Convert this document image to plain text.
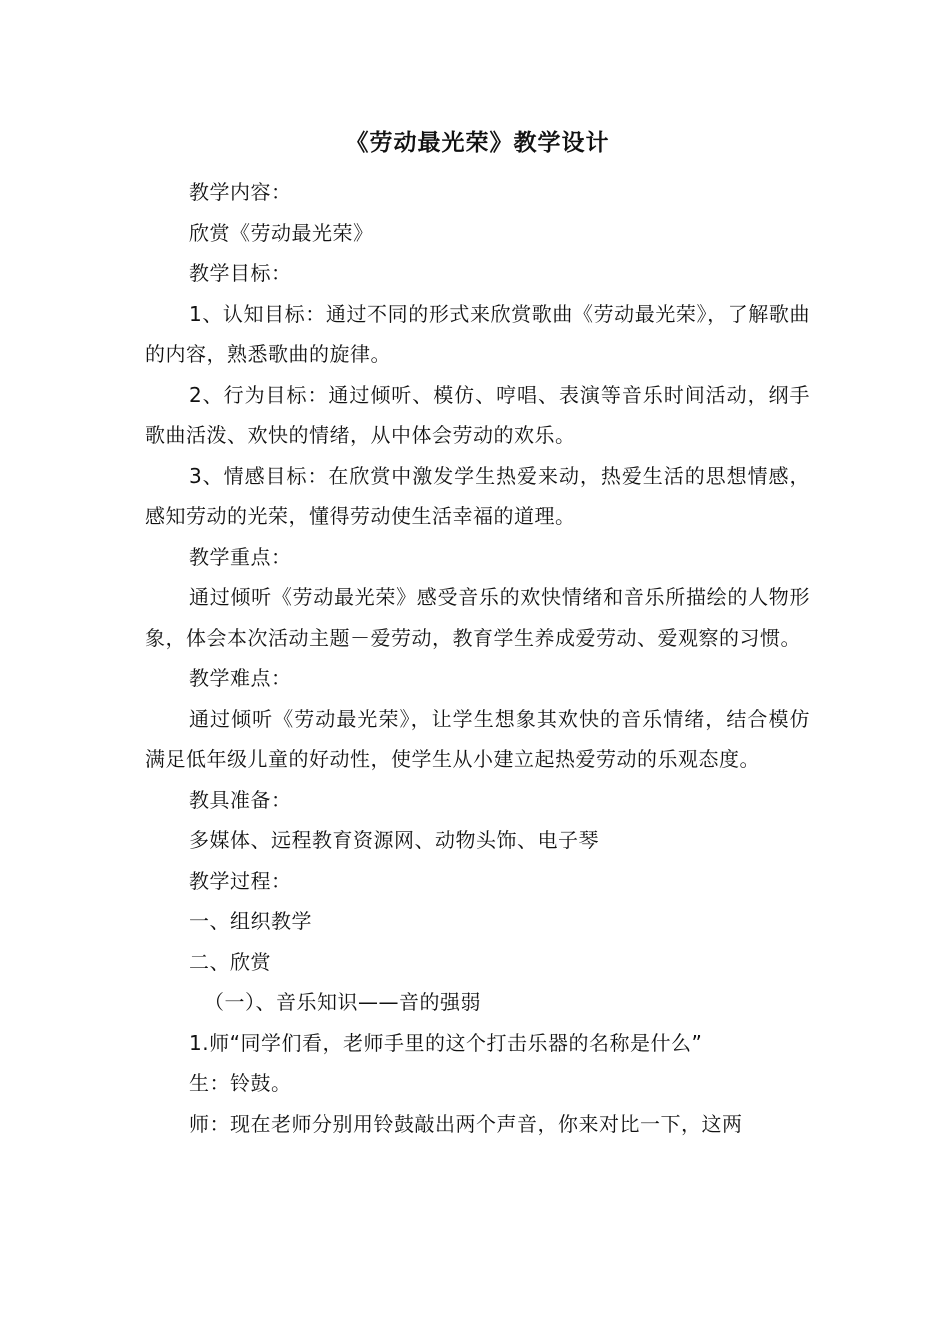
《劳动最光荣》教学设计

教学内容：

欣赏《劳动最光荣》

教学目标：

1、认知目标：通过不同的形式来欣赏歌曲《劳动最光荣》，了解歌曲的内容，熟悉歌曲的旋律。

2、行为目标：通过倾听、模仿、哼唱、表演等音乐时间活动，纲手歌曲活泼、欢快的情绪，从中体会劳动的欢乐。

3、情感目标：在欣赏中激发学生热爱来动，热爱生活的思想情感，感知劳动的光荣，懂得劳动使生活幸福的道理。

教学重点：

通过倾听《劳动最光荣》感受音乐的欢快情绪和音乐所描绘的人物形象，体会本次活动主题－爱劳动，教育学生养成爱劳动、爱观察的习惯。

教学难点：

通过倾听《劳动最光荣》，让学生想象其欢快的音乐情绪，结合模仿满足低年级儿童的好动性，使学生从小建立起热爱劳动的乐观态度。

教具准备：

多媒体、远程教育资源网、动物头饰、电子琴

教学过程：

一、组织教学

二、欣赏

（一）、音乐知识——音的强弱

1.师“同学们看，老师手里的这个打击乐器的名称是什么”

生：铃鼓。

师：现在老师分别用铃鼓敲出两个声音，你来对比一下，这两
